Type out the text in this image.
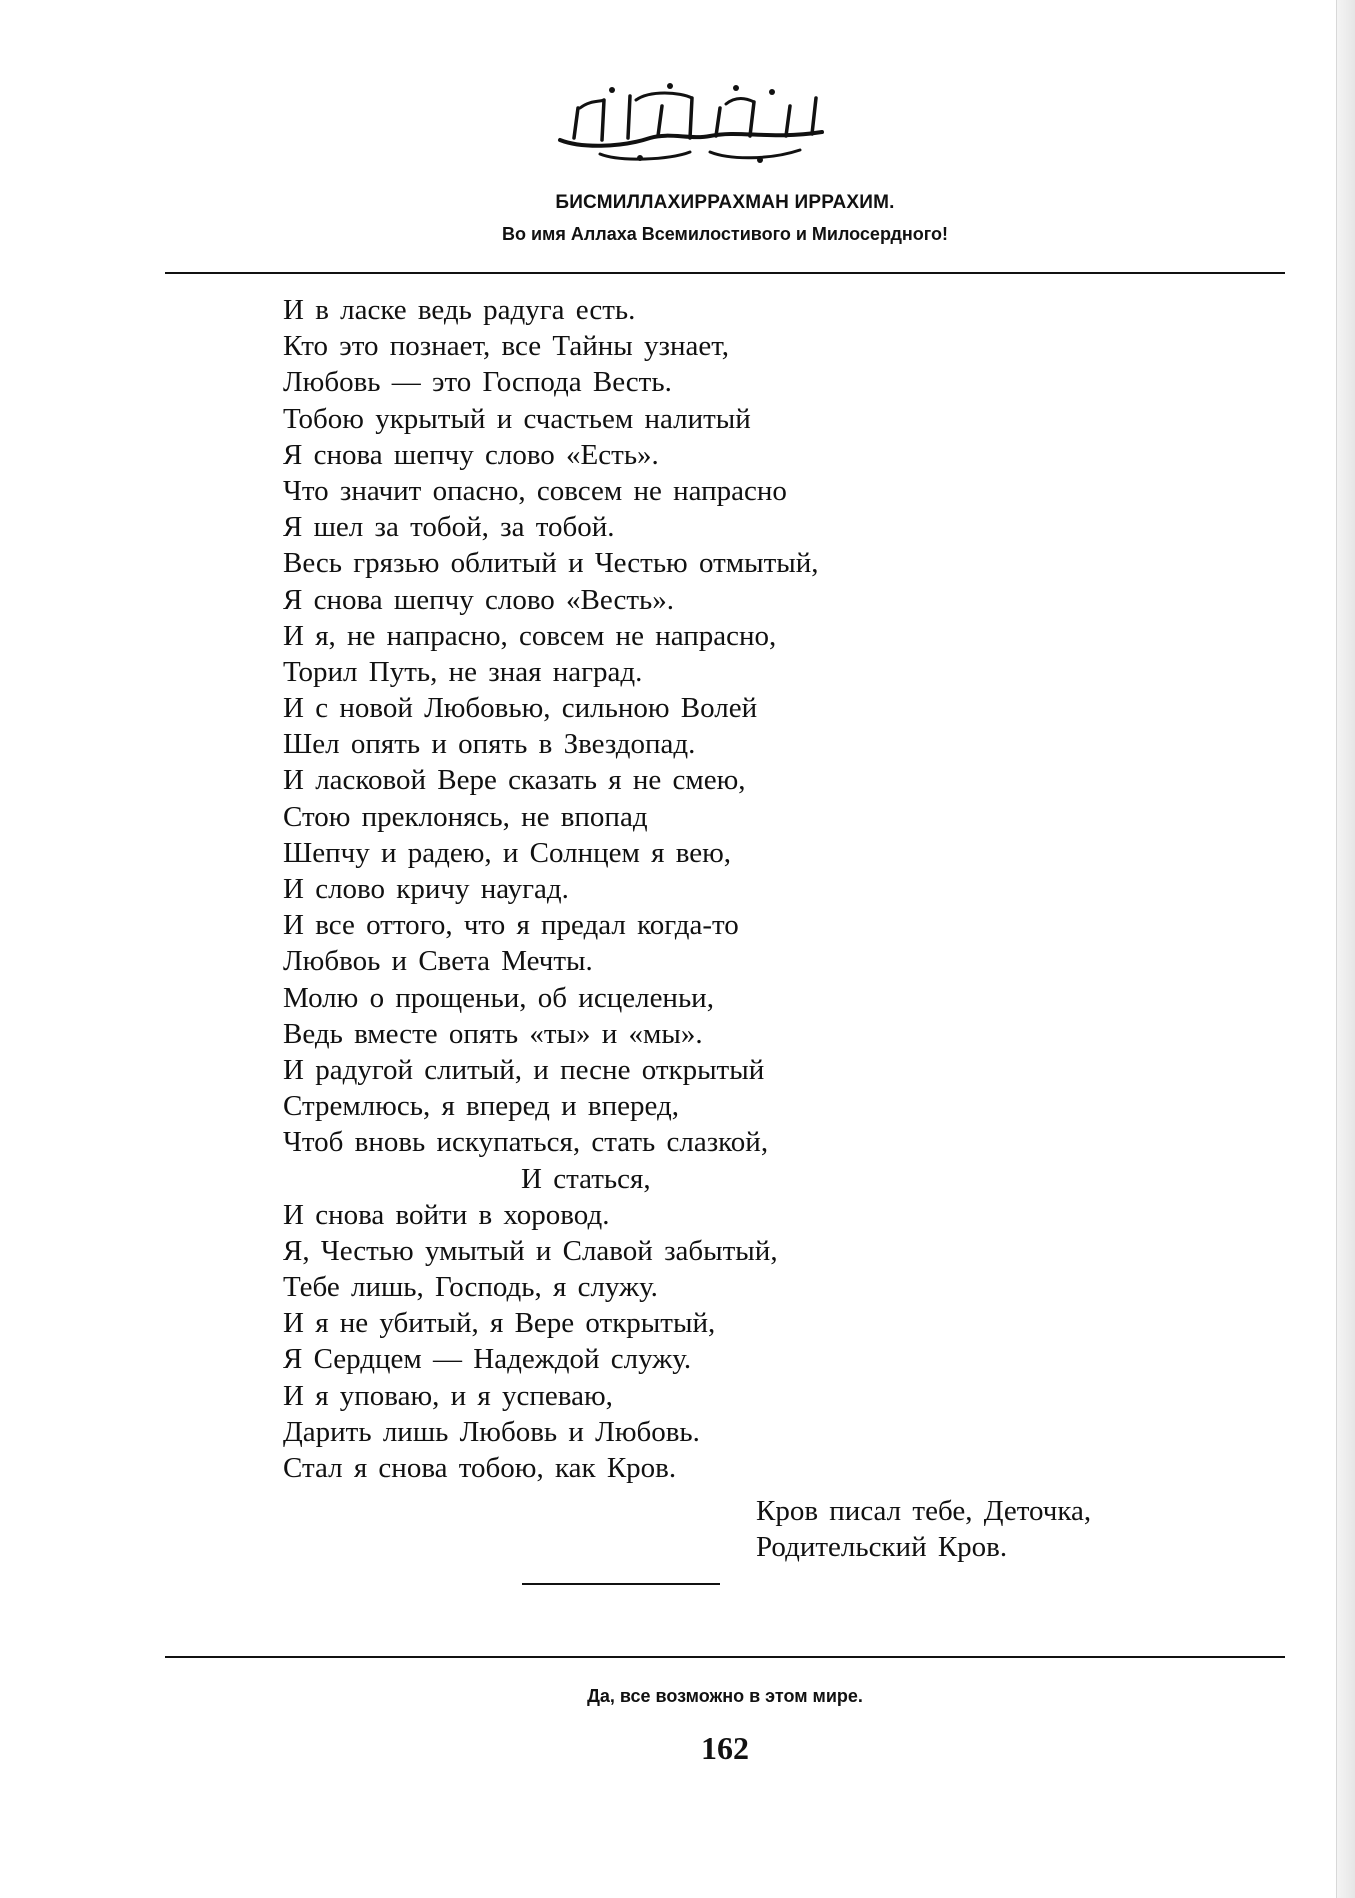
БИСМИЛЛАХИРРАХМАН ИРРАХИМ.
Во имя Аллаха Всемилостивого и Милосердного!
И в ласке ведь радуга есть.
Кто это познает, все Тайны узнает,
Любовь — это Господа Весть.
Тобою укрытый и счастьем налитый
Я снова шепчу слово «Есть».
Что значит опасно, совсем не напрасно
Я шел за тобой, за тобой.
Весь грязью облитый и Честью отмытый,
Я снова шепчу слово «Весть».
И я, не напрасно, совсем не напрасно,
Торил Путь, не зная наград.
И с новой Любовью, сильною Волей
Шел опять и опять в Звездопад.
И ласковой Вере сказать я не смею,
Стою преклонясь, не впопад
Шепчу и радею, и Солнцем я вею,
И слово кричу наугад.
И все оттого, что я предал когда-то
Любвоь и Света Мечты.
Молю о прощеньи, об исцеленьи,
Ведь вместе опять «ты» и «мы».
И радугой слитый, и песне открытый
Стремлюсь, я вперед и вперед,
Чтоб вновь искупаться, стать слазкой,
И статься,
И снова войти в хоровод.
Я, Честью умытый и Славой забытый,
Тебе лишь, Господь, я служу.
И я не убитый, я Вере открытый,
Я Сердцем — Надеждой служу.
И я уповаю, и я успеваю,
Дарить лишь Любовь и Любовь.
Стал я снова тобою, как Кров.
Кров писал тебе, Деточка,
Родительский Кров.
Да, все возможно в этом мире.
162
